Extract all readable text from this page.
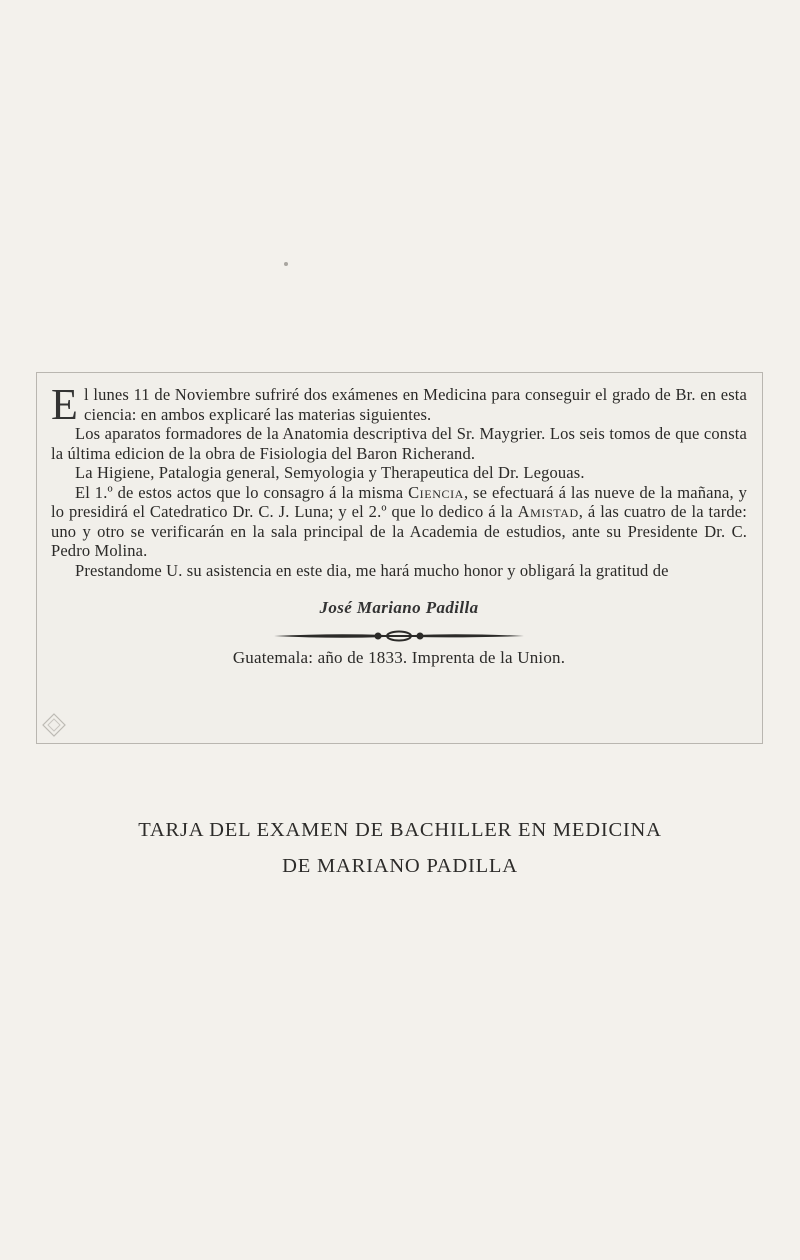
El lunes 11 de Noviembre sufriré dos exámenes en Medicina para conseguir el grado de Br. en esta ciencia: en ambos explicaré las materias siguientes.

Los aparatos formadores de la Anatomia descriptiva del Sr. Maygrier. Los seis tomos de que consta la última edicion de la obra de Fisiologia del Baron Richerand.

La Higiene, Patalogia general, Semyologia y Therapeutica del Dr. Legouas.

El 1.º de estos actos que lo consagro á la misma Ciencia, se efectuará á las nueve de la mañana, y lo presidirá el Catedratico Dr. C. J. Luna; y el 2.º que lo dedico á la Amistad, á las cuatro de la tarde: uno y otro se verificarán en la sala principal de la Academia de estudios, ante su Presidente Dr. C. Pedro Molina.

Prestandome U. su asistencia en este dia, me hará mucho honor y obligará la gratitud de

José Mariano Padilla
Guatemala: año de 1833. Imprenta de la Union.
TARJA DEL EXAMEN DE BACHILLER EN MEDICINA
DE MARIANO PADILLA
